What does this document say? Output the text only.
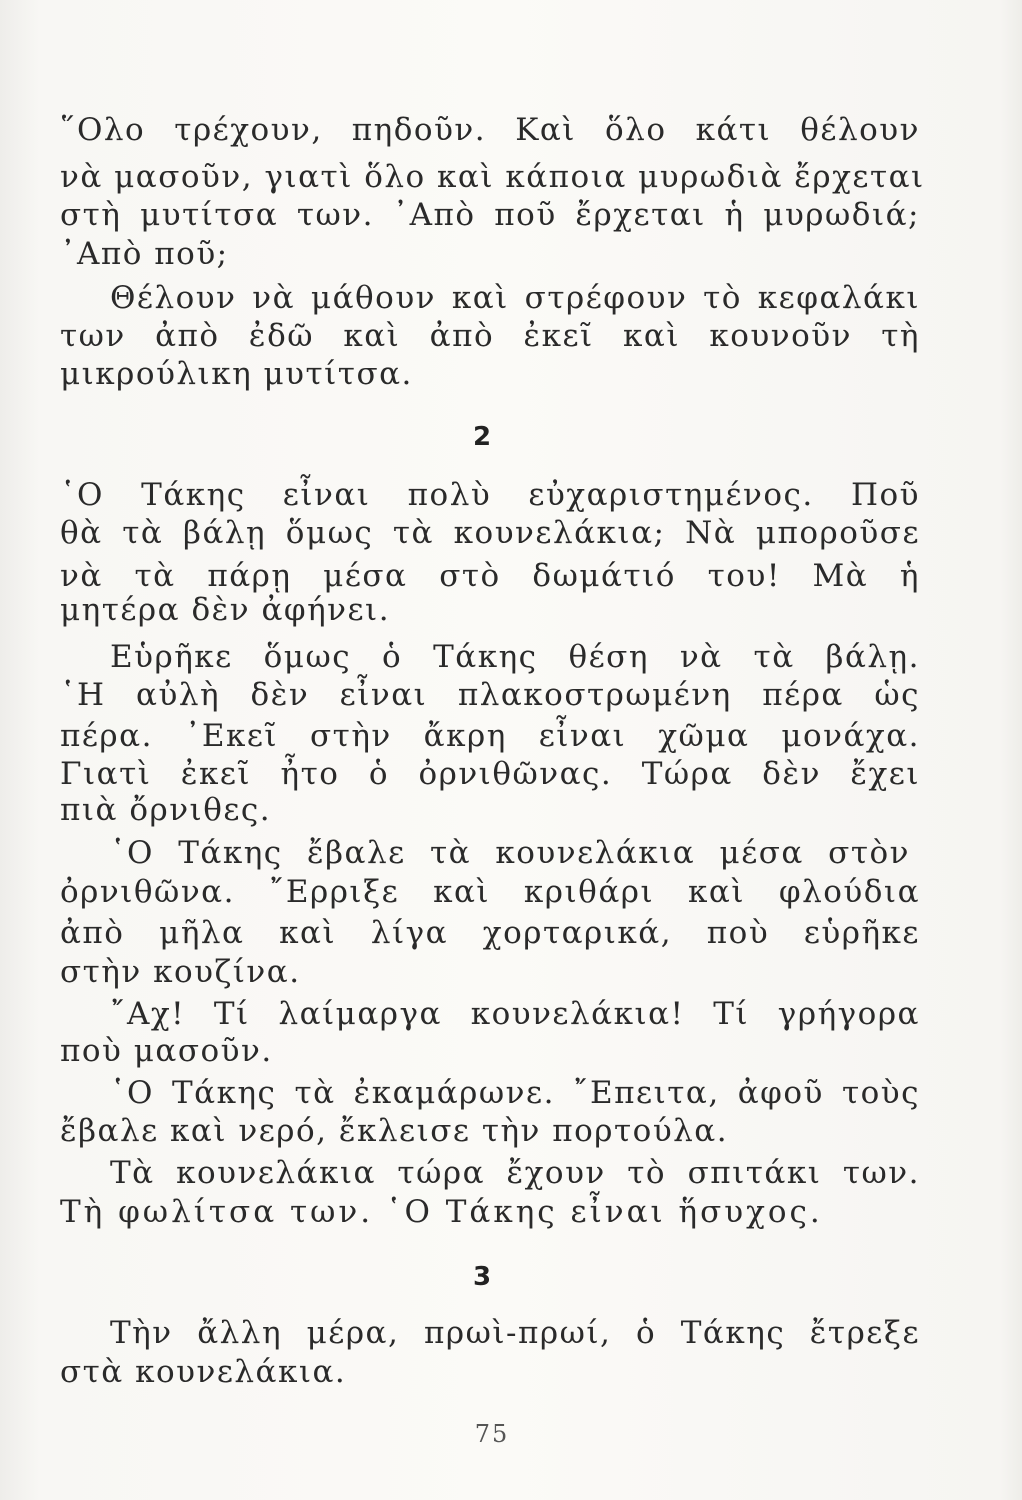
῞Ολο τρέχουν, πηδοῦν. Καὶ ὅλο κάτι θέλουν
νὰ μασοῦν, γιατὶ ὅλο καὶ κάποια μυρωδιὰ ἔρχεται
στὴ μυτίτσα των. ᾿Απὸ ποῦ ἔρχεται ἡ μυρωδιά;
᾿Απὸ ποῦ;
Θέλουν νὰ μάθουν καὶ στρέφουν τὸ κεφαλάκι
των ἀπὸ ἐδῶ καὶ ἀπὸ ἐκεῖ καὶ κουνοῦν τὴ
μικρούλικη μυτίτσα.
2
῾Ο Τάκης εἶναι πολὺ εὐχαριστημένος. Ποῦ
θὰ τὰ βάλῃ ὅμως τὰ κουνελάκια; Νὰ μποροῦσε
νὰ τὰ πάρῃ μέσα στὸ δωμάτιό του! Μὰ ἡ
μητέρα δὲν ἀφήνει.
Εὑρῆκε ὅμως ὁ Τάκης θέση νὰ τὰ βάλῃ.
῾Η αὐλὴ δὲν εἶναι πλακοστρωμένη πέρα ὡς
πέρα. ᾿Εκεῖ στὴν ἄκρη εἶναι χῶμα μονάχα.
Γιατὶ ἐκεῖ ἦτο ὁ ὀρνιθῶνας. Τώρα δὲν ἔχει
πιὰ ὄρνιθες.
῾Ο Τάκης ἔβαλε τὰ κουνελάκια μέσα στὸν
ὀρνιθῶνα. ῎Ερριξε καὶ κριθάρι καὶ φλούδια
ἀπὸ μῆλα καὶ λίγα χορταρικά, ποὺ εὑρῆκε
στὴν κουζίνα.
῎Αχ! Τί λαίμαργα κουνελάκια! Τί γρήγορα
ποὺ μασοῦν.
῾Ο Τάκης τὰ ἐκαμάρωνε. ῎Επειτα, ἀφοῦ τοὺς
ἔβαλε καὶ νερό, ἔκλεισε τὴν πορτούλα.
Τὰ κουνελάκια τώρα ἔχουν τὸ σπιτάκι των.
Τὴ φωλίτσα των. ῾Ο Τάκης εἶναι ἥσυχος.
3
Τὴν ἄλλη μέρα, πρωὶ-πρωί, ὁ Τάκης ἔτρεξε
στὰ κουνελάκια.
75
